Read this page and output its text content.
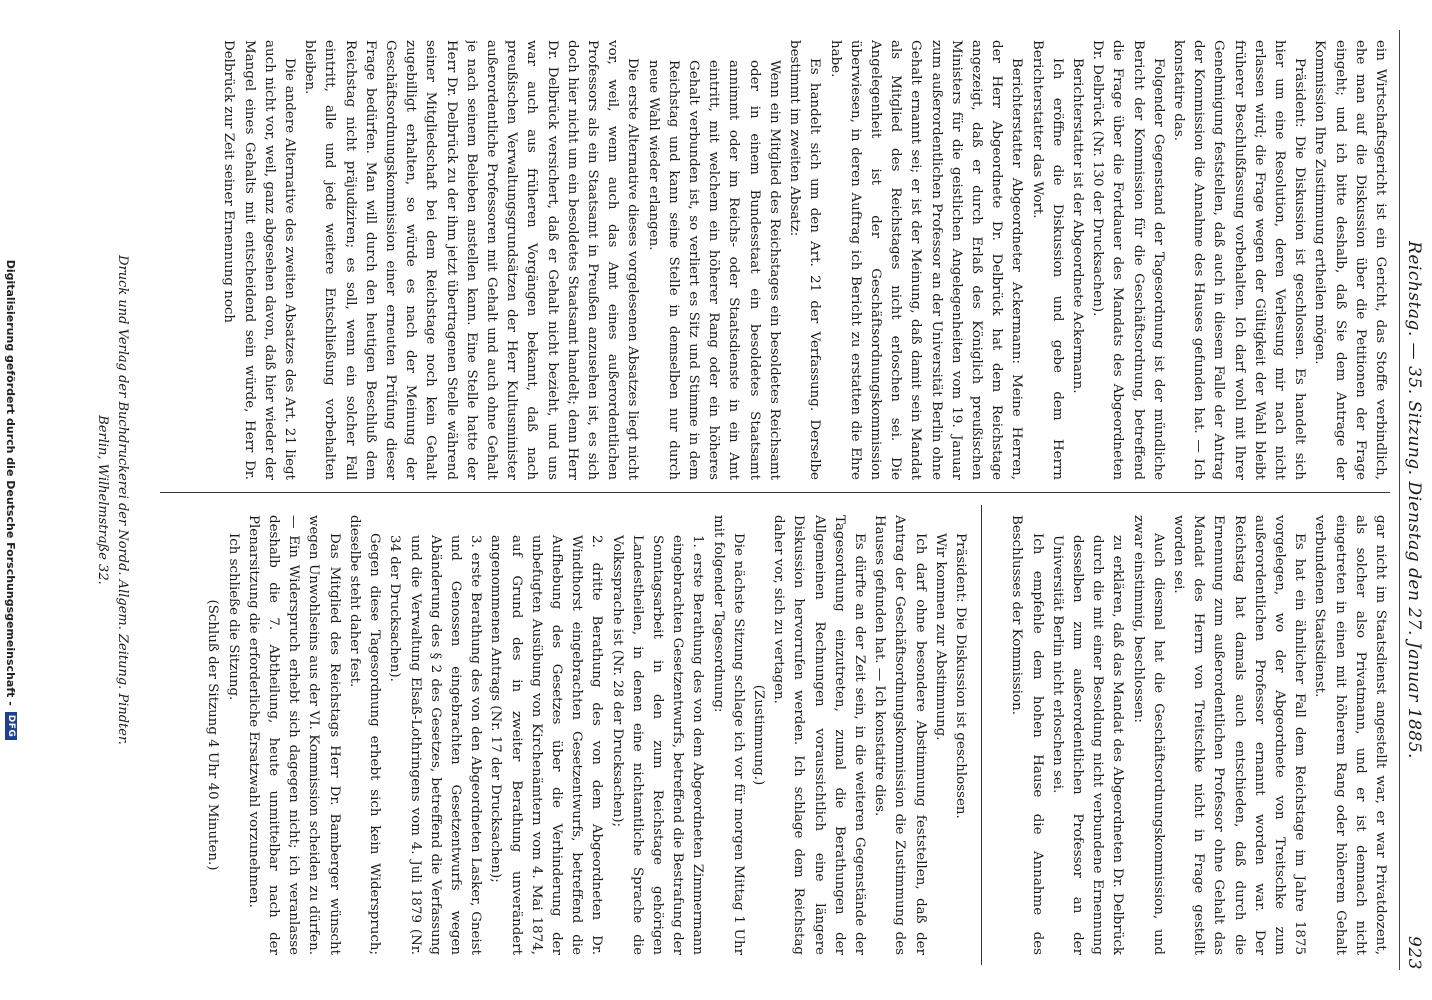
Reichstag. — 35. Sitzung. Dienstag den 27. Januar 1885.
923

ein Wirtschaftsgericht ist ein Gericht, das Stoffe verbindlich, ehe man auf die Diskussion über die Petitionen der Frage eingeht; und ich bitte deshalb, daß Sie dem Antrage der Kommission Ihre Zustimmung ertheilen mögen.

Präsident: Die Diskussion ist geschlossen. Es handelt sich hier um eine Resolution, deren Verlesung mir nach nicht erlassen wird; die Frage wegen der Gültigkeit der Wahl bleibt früherer Beschlußfassung vorbehalten. Ich darf wohl mit Ihrer Genehmigung feststellen, daß auch in diesem Falle der Antrag der Kommission die Annahme des Hauses gefunden hat. — Ich konstatire das.

Folgender Gegenstand der Tagesordnung ist der mündliche Bericht der Kommission für die Geschäftsordnung, betreffend die Frage über die Fortdauer des Mandats des Abgeordneten Dr. Delbrück (Nr. 130 der Drucksachen).

Berichterstatter ist der Abgeordnete Ackermann.

Ich eröffne die Diskussion und gebe dem Herrn Berichterstatter das Wort.

Berichterstatter Abgeordneter Ackermann: Meine Herren, der Herr Abgeordnete Dr. Delbrück hat dem Reichstage angezeigt, daß er durch Erlaß des Königlich preußischen Ministers für die geistlichen Angelegenheiten vom 19. Januar zum außerordentlichen Professor an der Universität Berlin ohne Gehalt ernannt sei; er ist der Meinung, daß damit sein Mandat als Mitglied des Reichstages nicht erloschen sei. Die Angelegenheit ist der Geschäftsordnungskommission überwiesen, in deren Auftrag ich Bericht zu erstatten die Ehre habe.

Es handelt sich um den Art. 21 der Verfassung. Derselbe bestimmt im zweiten Absatz:

Wenn ein Mitglied des Reichstages ein besoldetes Reichsamt oder in einem Bundesstaat ein besoldetes Staatsamt annimmt oder im Reichs- oder Staatsdienste in ein Amt eintritt, mit welchem ein höherer Rang oder ein höheres Gehalt verbunden ist, so verliert es Sitz und Stimme in dem Reichstag und kann seine Stelle in demselben nur durch neue Wahl wieder erlangen.

Die erste Alternative dieses vorgelesenen Absatzes liegt nicht vor, weil, wenn auch das Amt eines außerordentlichen Professors als ein Staatsamt in Preußen anzusehen ist, es sich doch hier nicht um ein besoldetes Staatsamt handelt; denn Herr Dr. Delbrück versichert, daß er Gehalt nicht bezieht, und uns war auch aus früheren Vorgängen bekannt, daß nach preußischen Verwaltungsgrundsätzen der Herr Kultusminister außerordentliche Professoren mit Gehalt und auch ohne Gehalt je nach seinem Belieben anstellen kann. Eine Stelle hatte der Herr Dr. Delbrück zu der ihm jetzt übertragenen Stelle während seiner Mitgliedschaft bei dem Reichstage noch kein Gehalt zugebilligt erhalten, so würde es nach der Meinung der Geschäftsordnungskommission einer erneuten Prüfung dieser Frage bedürfen. Man will durch den heutigen Beschluß dem Reichstag nicht präjudiziren; es soll, wenn ein solcher Fall eintritt, alle und jede weitere Entschließung vorbehalten bleiben.

Die andere Alternative des zweiten Absatzes des Art. 21 liegt auch nicht vor, weil, ganz abgesehen davon, daß hier wieder der Mangel eines Gehalts mit entscheidend sein würde, Herr Dr. Delbrück zur Zeit seiner Ernennung noch

gar nicht im Staatsdienst angestellt war, er war Privatdozent, als solcher also Privatmann, und er ist demnach nicht eingetreten in einen mit höherem Rang oder höherem Gehalt verbundenen Staatsdienst.

Es hat ein ähnlicher Fall dem Reichstage im Jahre 1875 vorgelegen, wo der Abgeordnete von Treitschke zum außerordentlichen Professor ernannt worden war. Der Reichstag hat damals auch entschieden, daß durch die Ernennung zum außerordentlichen Professor ohne Gehalt das Mandat des Herrn von Treitschke nicht in Frage gestellt worden sei.

Auch diesmal hat die Geschäftsordnungskommission, und zwar einstimmig, beschlossen:

zu erklären, daß das Mandat des Abgeordneten Dr. Delbrück durch die mit einer Besoldung nicht verbundene Ernennung desselben zum außerordentlichen Professor an der Universität Berlin nicht erloschen sei.

Ich empfehle dem hohen Hause die Annahme des Beschlusses der Kommission.

Präsident: Die Diskussion ist geschlossen.

Wir kommen zur Abstimmung.

Ich darf ohne besondere Abstimmung feststellen, daß der Antrag der Geschäftsordnungskommission die Zustimmung des Hauses gefunden hat. — Ich konstatire dies.

Es dürfte an der Zeit sein, in die weiteren Gegenstände der Tagesordnung einzutreten, zumal die Berathungen der Allgemeinen Rechnungen voraussichtlich eine längere Diskussion hervorrufen werden. Ich schlage dem Reichstag daher vor, sich zu vertagen.

(Zustimmung.)

Die nächste Sitzung schlage ich vor für morgen Mittag 1 Uhr mit folgender Tagesordnung:

1. erste Berathung des von dem Abgeordneten Zimmermann eingebrachten Gesetzentwurfs, betreffend die Bestrafung der Sonntagsarbeit in den zum Reichstage gehörigen Landestheilen, in denen eine nichtamtliche Sprache die Volkssprache ist (Nr. 28 der Drucksachen);

2. dritte Berathung des von dem Abgeordneten Dr. Windthorst eingebrachten Gesetzentwurfs, betreffend die Aufhebung des Gesetzes über die Verhinderung der unbefugten Ausübung von Kirchenämtern vom 4. Mai 1874, auf Grund des in zweiter Berathung unverändert angenommenen Antrags (Nr. 17 der Drucksachen);

3. erste Berathung des von den Abgeordneten Lasker, Gneist und Genossen eingebrachten Gesetzentwurfs wegen Abänderung des § 2 des Gesetzes, betreffend die Verfassung und die Verwaltung Elsaß-Lothringens vom 4. Juli 1879 (Nr. 34 der Drucksachen).

Gegen diese Tagesordnung erhebt sich kein Widerspruch; dieselbe steht daher fest.

Das Mitglied des Reichstags Herr Dr. Bamberger wünscht wegen Unwohlseins aus der VI. Kommission scheiden zu dürfen. — Ein Widerspruch erhebt sich dagegen nicht; ich veranlasse deshalb die 7. Abtheilung, heute unmittelbar nach der Plenarsitzung die erforderliche Ersatzwahl vorzunehmen.

Ich schließe die Sitzung.

(Schluß der Sitzung 4 Uhr 40 Minuten.)

Druck und Verlag der Buchdruckerei der Nordd. Allgem. Zeitung. Pindter.
Berlin, Wilhelmstraße 32.
Digitalisierung gefördert durch die Deutsche Forschungsgemeinschaft -
DFG
